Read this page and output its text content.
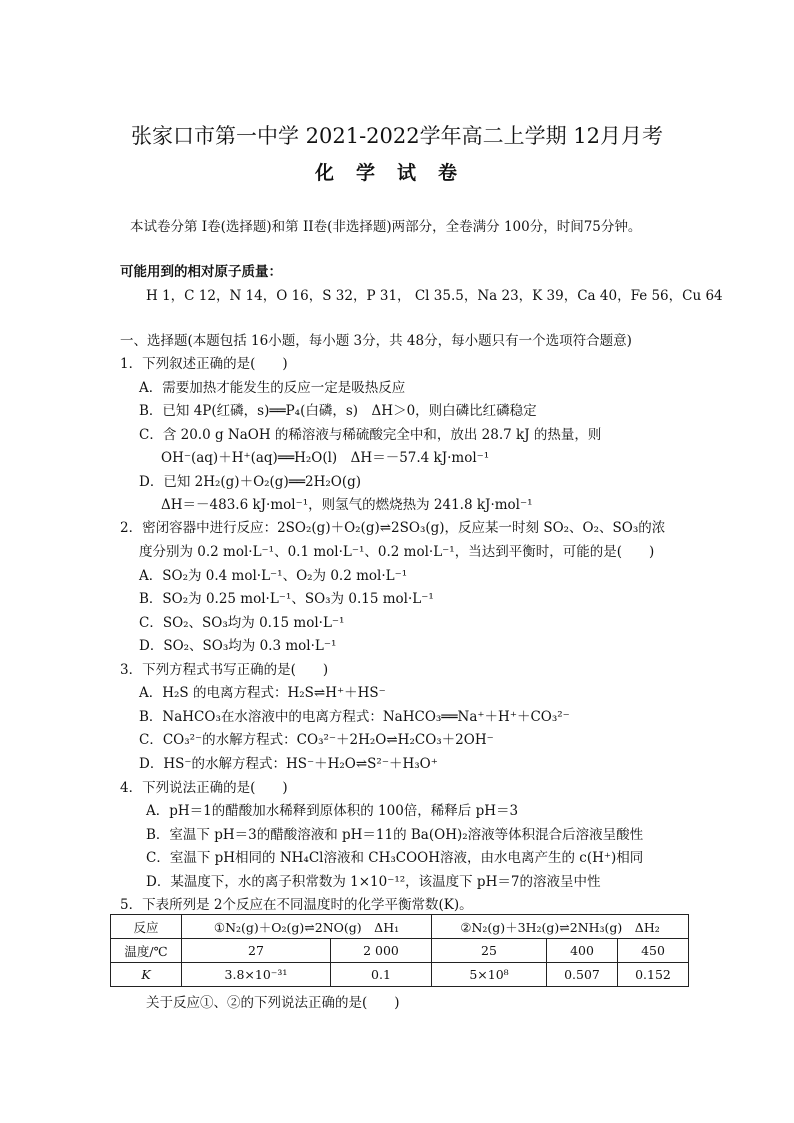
张家口市第一中学 2021-2022学年高二上学期 12月月考
化学试卷
本试卷分第 I卷(选择题)和第 II卷(非选择题)两部分，全卷满分 100分，时间75分钟。
可能用到的相对原子质量：
H 1，C 12，N 14，O 16，S 32，P 31， Cl 35.5，Na 23，K 39，Ca 40，Fe 56，Cu 64
一、选择题(本题包括 16小题，每小题 3分，共 48分，每小题只有一个选项符合题意)
1．下列叙述正确的是(　　)
A．需要加热才能发生的反应一定是吸热反应
B．已知 4P(红磷，s)══P₄(白磷，s)　ΔH＞0，则白磷比红磷稳定
C．含 20.0 g NaOH 的稀溶液与稀硫酸完全中和，放出 28.7 kJ 的热量，则
OH⁻(aq)＋H⁺(aq)══H₂O(l)　ΔH＝－57.4 kJ·mol⁻¹
D．已知 2H₂(g)＋O₂(g)══2H₂O(g)
ΔH＝－483.6 kJ·mol⁻¹，则氢气的燃烧热为 241.8 kJ·mol⁻¹
2．密闭容器中进行反应：2SO₂(g)＋O₂(g)⇌2SO₃(g)，反应某一时刻 SO₂、O₂、SO₃的浓
度分别为 0.2 mol·L⁻¹、0.1 mol·L⁻¹、0.2 mol·L⁻¹，当达到平衡时，可能的是(　　)
A．SO₂为 0.4 mol·L⁻¹、O₂为 0.2 mol·L⁻¹
B．SO₂为 0.25 mol·L⁻¹、SO₃为 0.15 mol·L⁻¹
C．SO₂、SO₃均为 0.15 mol·L⁻¹
D．SO₂、SO₃均为 0.3 mol·L⁻¹
3．下列方程式书写正确的是(　　)
A．H₂S 的电离方程式：H₂S⇌H⁺＋HS⁻
B．NaHCO₃在水溶液中的电离方程式：NaHCO₃══Na⁺＋H⁺＋CO₃²⁻
C．CO₃²⁻的水解方程式：CO₃²⁻＋2H₂O⇌H₂CO₃＋2OH⁻
D．HS⁻的水解方程式：HS⁻＋H₂O⇌S²⁻＋H₃O⁺
4．下列说法正确的是(　　)
A．pH＝1的醋酸加水稀释到原体积的 100倍，稀释后 pH＝3
B．室温下 pH＝3的醋酸溶液和 pH＝11的 Ba(OH)₂溶液等体积混合后溶液呈酸性
C．室温下 pH相同的 NH₄Cl溶液和 CH₃COOH溶液，由水电离产生的 c(H⁺)相同
D．某温度下，水的离子积常数为 1×10⁻¹²，该温度下 pH＝7的溶液呈中性
5．下表所列是 2个反应在不同温度时的化学平衡常数(K)。
反应	①N₂(g)＋O₂(g)⇌2NO(g)　ΔH₁		②N₂(g)＋3H₂(g)⇌2NH₃(g)　ΔH₂		
温度/℃	27	2 000	25	400	450
K	3.8×10⁻³¹	0.1	5×10⁸	0.507	0.152
关于反应①、②的下列说法正确的是(　　)
